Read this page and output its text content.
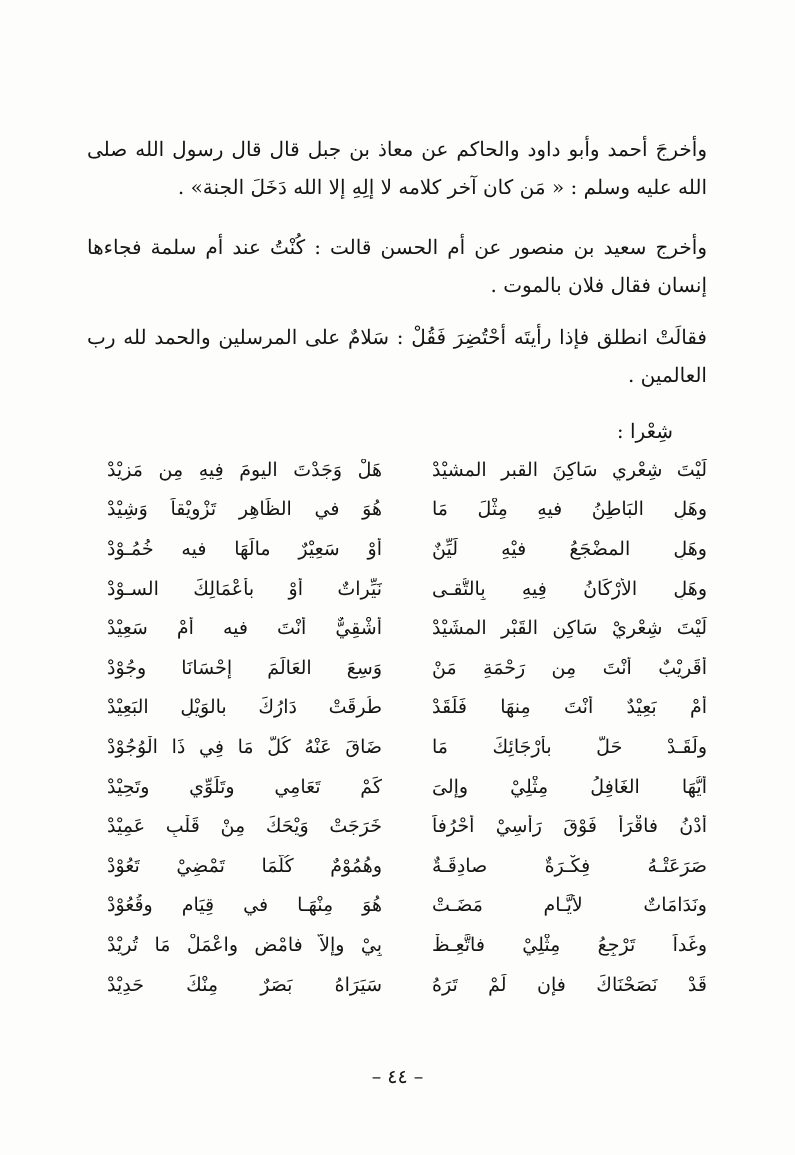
وأخرجَ أحمد وأبو داود والحاكم عن معاذ بن جبل قال قال رسول الله صلى الله عليه وسلم : « مَن كان آخر كلامه لا إلِهِ إلا الله دَخَلَ الجنة» .

وأخرج سعيد بن منصور عن أم الحسن قالت : كُنْتُ عند أم سلمة فجاءها إنسان فقال فلان بالموت .

فقالَتْ انطلق فإذا رأيتَه أحْتُضِرَ فَقُلْ : سَلامٌ على المرسلين والحمد لله رب العالمين .

شِعْرا :
لَيْتَ شِعْرِي سَاكِنَ القبرِ المشيْدْ
هَلْ وَجَدْتَ اليومَ فِيهِ مِن مَزِيْدْ
وهَلِ البَاطِنُ فيهِ مِثْلَ مَا
هُوَ في الظَاهِرِ تَزْوِيْقاً وَشِيْدْ
وهَلِ المضْجَعُ فيْهِ لَيِّنٌ
أوْ سَعِيْرٌ مالَهَا فيه خُمُـوْدْ
وهَلِ الأَرْكَانُ فِيهِ بِالتُّقـى
نَيِّراتٌ أوْ بأعْمَالِكَ السـوْدْ
لَيْتَ شِعْرِيْ سَاكِنِ القَبْرِ المشَيْدْ
أشْقِيٌّ أنْتَ فيه أمْ سَعِيْدْ
أقَرِيْبٌ أنْتَ مِن رَحْمَةِ مَنْ
وَسِعَ العَالَمَ إحْسَانَا وجُوْدْ
أمْ بَعِيْدٌ أنْتَ مِنهَا فَلَقَدْ
طُرِقَتْ دَارُكَ بالوَيْلِ البَعِيْدْ
ولَقَـدْ حَلَّ بأرْجَائِكَ مَا
ضَاقَ عَنْهُ كُلُّ مَا فِي ذَا الْوُجُوْدْ
أَيُّهَا الغَافِلُ مِثْلِيْ وإلىَ
كَمْ تَعَامِي وتَلَوِّي وتَحِيْدْ
أُدْنُ فاقْرَأْ فَوْقَ رَأْسِيْ أحْرُفاً
خَرَجَتْ وَيْحَكَ مِنْ قَلْبِ عَمِيْدْ
صَرَعَتْـهُ فِكْـرَةٌ صادِقَـةٌ
وهُمُوْمٌ كُلَّمَا تَمْضِيْ تَعُوْدْ
ونَدَامَاتٌ لأيَّـامٍ مَضَـتْ
هُوَ مِنْهَـا في قِيَامٍ وقُعُوْدْ
وغَداً تَرْجِعُ مِثْلِيْ فاتَّعِـظْ
بِيْ وإلاَّ فامْضِ واعْمَلْ مَا تُرِيْدْ
قَدْ نَصَحْنَاكَ فإن لَمْ تَرَهُ
سَيَرَاهُ بَصَرٌ مِنْكَ حَدِيْدْ
– ٤٤ –
